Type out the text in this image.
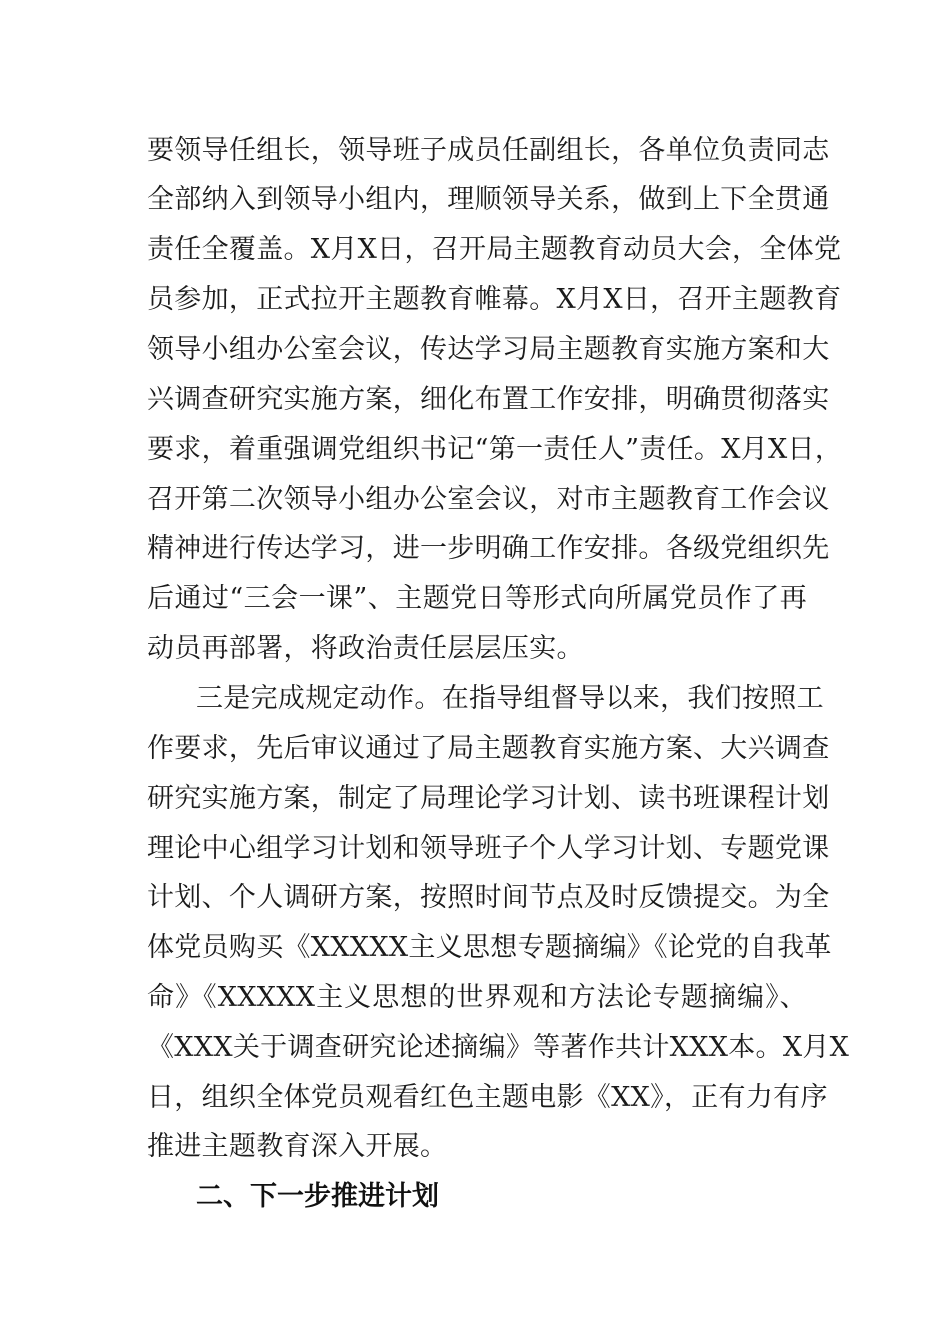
要领导任组长，领导班子成员任副组长，各单位负责同志
全部纳入到领导小组内，理顺领导关系，做到上下全贯通
责任全覆盖。X月X日，召开局主题教育动员大会，全体党
员参加，正式拉开主题教育帷幕。X月X日，召开主题教育
领导小组办公室会议，传达学习局主题教育实施方案和大
兴调查研究实施方案，细化布置工作安排，明确贯彻落实
要求，着重强调党组织书记“第一责任人”责任。X月X日，
召开第二次领导小组办公室会议，对市主题教育工作会议
精神进行传达学习，进一步明确工作安排。各级党组织先
后通过“三会一课”、主题党日等形式向所属党员作了再
动员再部署，将政治责任层层压实。
三是完成规定动作。在指导组督导以来，我们按照工
作要求，先后审议通过了局主题教育实施方案、大兴调查
研究实施方案，制定了局理论学习计划、读书班课程计划
理论中心组学习计划和领导班子个人学习计划、专题党课
计划、个人调研方案，按照时间节点及时反馈提交。为全
体党员购买《XXXXX主义思想专题摘编》《论党的自我革
命》《XXXXX主义思想的世界观和方法论专题摘编》、
《XXX关于调查研究论述摘编》等著作共计XXX本。X月X
日，组织全体党员观看红色主题电影《XX》，正有力有序
推进主题教育深入开展。
二、下一步推进计划
